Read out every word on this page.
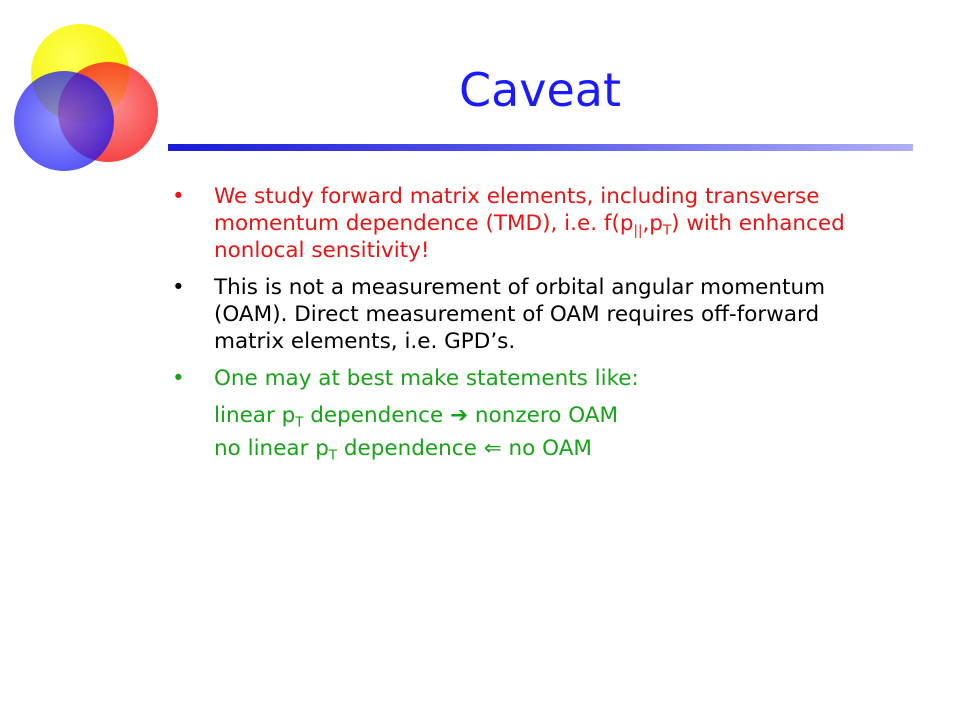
Caveat
• We study forward matrix elements, including transverse momentum dependence (TMD), i.e. $f(p_{||},p_T)$ with enhanced nonlocal sensitivity!
• This is not a measurement of orbital angular momentum (OAM). Direct measurement of OAM requires off-forward matrix elements, i.e. GPD’s.
• One may at best make statements like:
linear $p_T$ dependence ➔ nonzero OAM
no linear $p_T$ dependence ⇐ no OAM
